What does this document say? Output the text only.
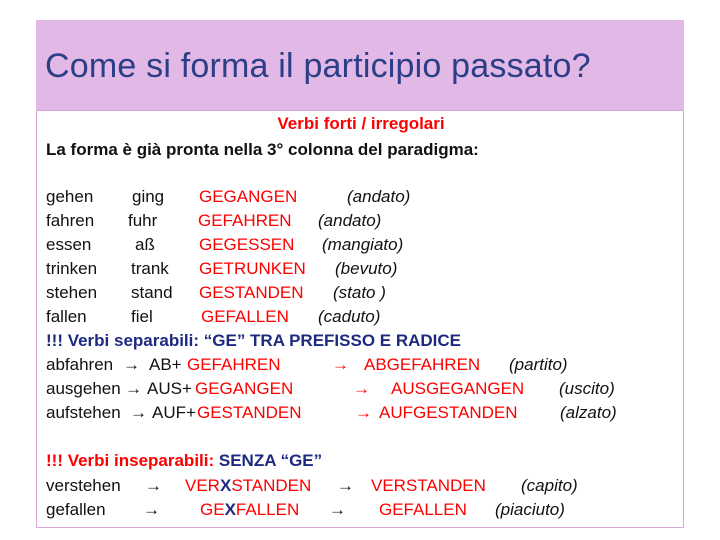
Come si forma il participio passato?
Verbi forti / irregolari
La forma è già pronta nella 3° colonna del paradigma:
gehen ging GEGANGEN	(andato)
fahren fuhr GEFAHREN (andato)
essen	aß	GEGESSEN (mangiato)
trinken trank GETRUNKEN (bevuto)
stehen stand GESTANDEN (stato )
fallen	fiel	GEFALLEN (caduto)
!!! Verbi separabili: “GE” TRA PREFISSO E RADICE
abfahren → AB+ GEFAHREN	→ ABGEFAHREN (partito)
ausgehen → AUS+ GEGANGEN	→ AUSGEGANGEN (uscito)
aufstehen → AUF+ GESTANDEN	→ AUFGESTANDEN (alzato)
!!! Verbi inseparabili: SENZA “GE”
verstehen → VERXSTANDEN → VERSTANDEN (capito)
gefallen → GEXFALLEN → GEFALLEN (piaciuto)
